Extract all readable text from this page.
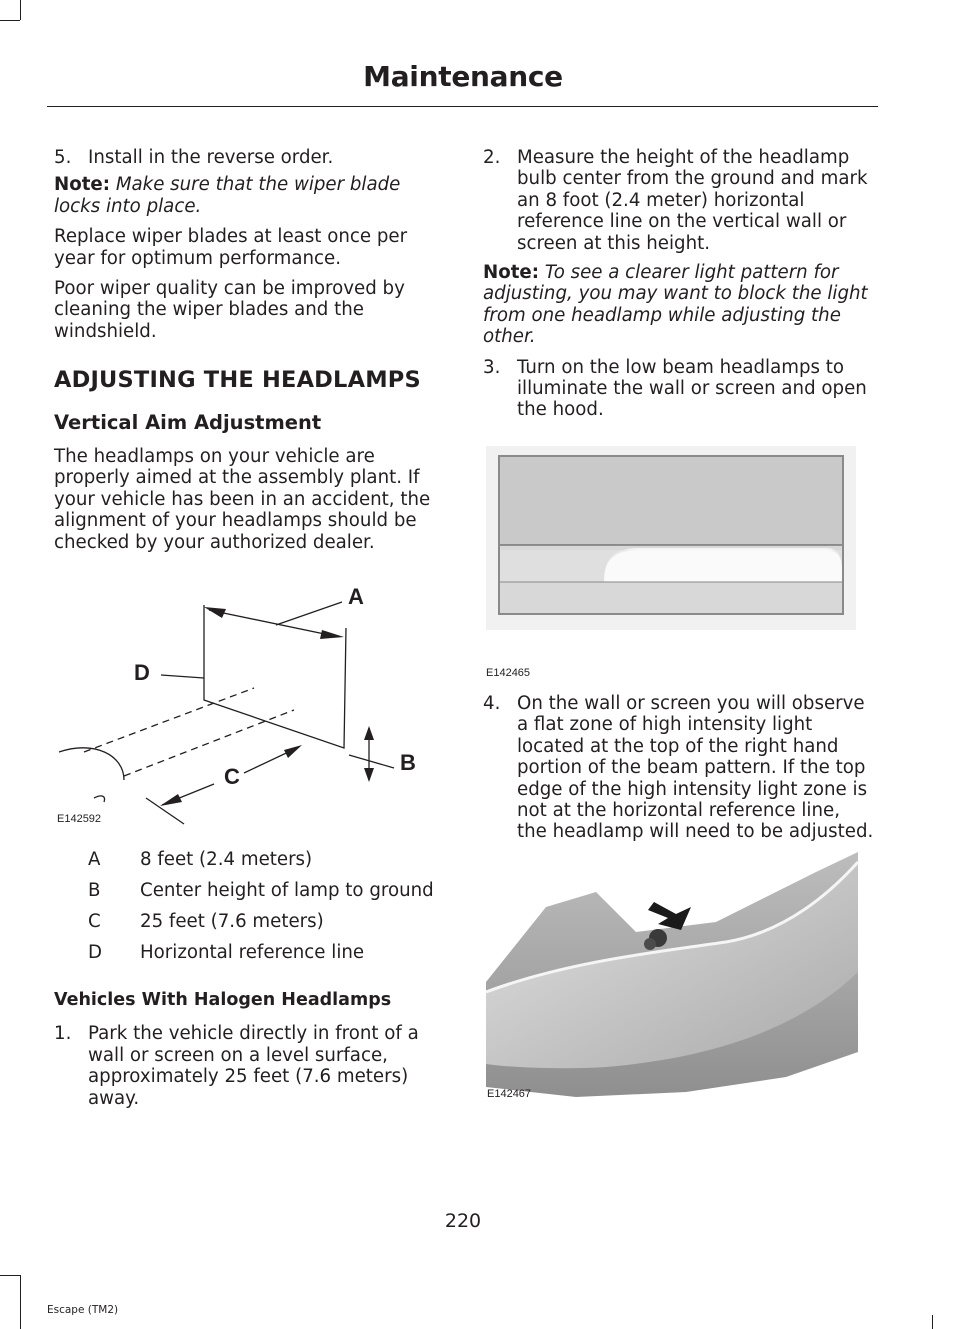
Maintenance
5. Install in the reverse order.

Note: Make sure that the wiper blade locks into place.

Replace wiper blades at least once per year for optimum performance.

Poor wiper quality can be improved by cleaning the wiper blades and the windshield.

ADJUSTING THE HEADLAMPS
Vertical Aim Adjustment

The headlamps on your vehicle are properly aimed at the assembly plant. If your vehicle has been in an accident, the alignment of your headlamps should be checked by your authorized dealer.

A
B
C
D
E142592
A	8 feet (2.4 meters)
B	Center height of lamp to ground
C	25 feet (7.6 meters)
D	Horizontal reference line
Vehicles With Halogen Headlamps
1. Park the vehicle directly in front of a wall or screen on a level surface, approximately 25 feet (7.6 meters) away.
2. Measure the height of the headlamp bulb center from the ground and mark an 8 foot (2.4 meter) horizontal reference line on the vertical wall or screen at this height.

Note: To see a clearer light pattern for adjusting, you may want to block the light from one headlamp while adjusting the other.

3. Turn on the low beam headlamps to illuminate the wall or screen and open the hood.
E142465
4. On the wall or screen you will observe a flat zone of high intensity light located at the top of the right hand portion of the beam pattern. If the top edge of the high intensity light zone is not at the horizontal reference line, the headlamp will need to be adjusted.
E142467
220
Escape (TM2)
